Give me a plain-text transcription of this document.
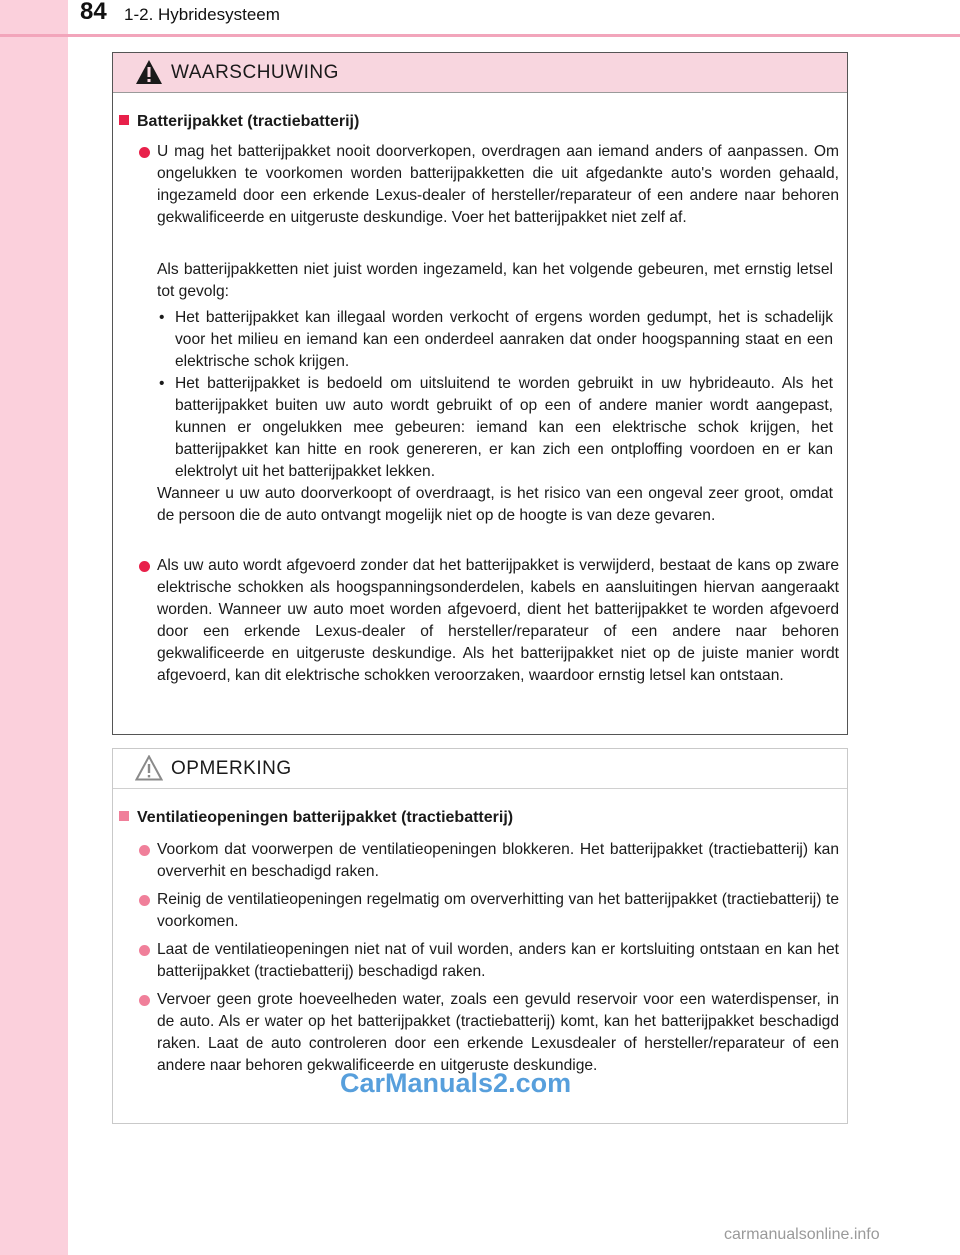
84 1-2. Hybridesysteem
WAARSCHUWING
Batterijpakket (tractiebatterij)
U mag het batterijpakket nooit doorverkopen, overdragen aan iemand anders of aanpassen. Om ongelukken te voorkomen worden batterijpakketten die uit afgedankte auto's worden gehaald, ingezameld door een erkende Lexus-dealer of hersteller/reparateur of een andere naar behoren gekwalificeerde en uitgeruste deskundige. Voer het batterijpakket niet zelf af.
Als batterijpakketten niet juist worden ingezameld, kan het volgende gebeuren, met ernstig letsel tot gevolg:
• Het batterijpakket kan illegaal worden verkocht of ergens worden gedumpt, het is schadelijk voor het milieu en iemand kan een onderdeel aanraken dat onder hoogspanning staat en een elektrische schok krijgen.
• Het batterijpakket is bedoeld om uitsluitend te worden gebruikt in uw hybrideauto. Als het batterijpakket buiten uw auto wordt gebruikt of op een of andere manier wordt aangepast, kunnen er ongelukken mee gebeuren: iemand kan een elektrische schok krijgen, het batterijpakket kan hitte en rook genereren, er kan zich een ontploffing voordoen en er kan elektrolyt uit het batterijpakket lekken.
Wanneer u uw auto doorverkoopt of overdraagt, is het risico van een ongeval zeer groot, omdat de persoon die de auto ontvangt mogelijk niet op de hoogte is van deze gevaren.
Als uw auto wordt afgevoerd zonder dat het batterijpakket is verwijderd, bestaat de kans op zware elektrische schokken als hoogspanningsonderdelen, kabels en aansluitingen hiervan aangeraakt worden. Wanneer uw auto moet worden afgevoerd, dient het batterijpakket te worden afgevoerd door een erkende Lexus-dealer of hersteller/reparateur of een andere naar behoren gekwalificeerde en uitgeruste deskundige. Als het batterijpakket niet op de juiste manier wordt afgevoerd, kan dit elektrische schokken veroorzaken, waardoor ernstig letsel kan ontstaan.
OPMERKING
Ventilatieopeningen batterijpakket (tractiebatterij)
Voorkom dat voorwerpen de ventilatieopeningen blokkeren. Het batterijpakket (tractiebatterij) kan oververhit en beschadigd raken.
Reinig de ventilatieopeningen regelmatig om oververhitting van het batterijpakket (tractiebatterij) te voorkomen.
Laat de ventilatieopeningen niet nat of vuil worden, anders kan er kortsluiting ontstaan en kan het batterijpakket (tractiebatterij) beschadigd raken.
Vervoer geen grote hoeveelheden water, zoals een gevuld reservoir voor een waterdispenser, in de auto. Als er water op het batterijpakket (tractiebatterij) komt, kan het batterijpakket beschadigd raken. Laat de auto controleren door een erkende Lexusdealer of hersteller/reparateur of een andere naar behoren gekwalificeerde en uitgeruste deskundige.
CarManuals2.com
carmanualsonline.info
